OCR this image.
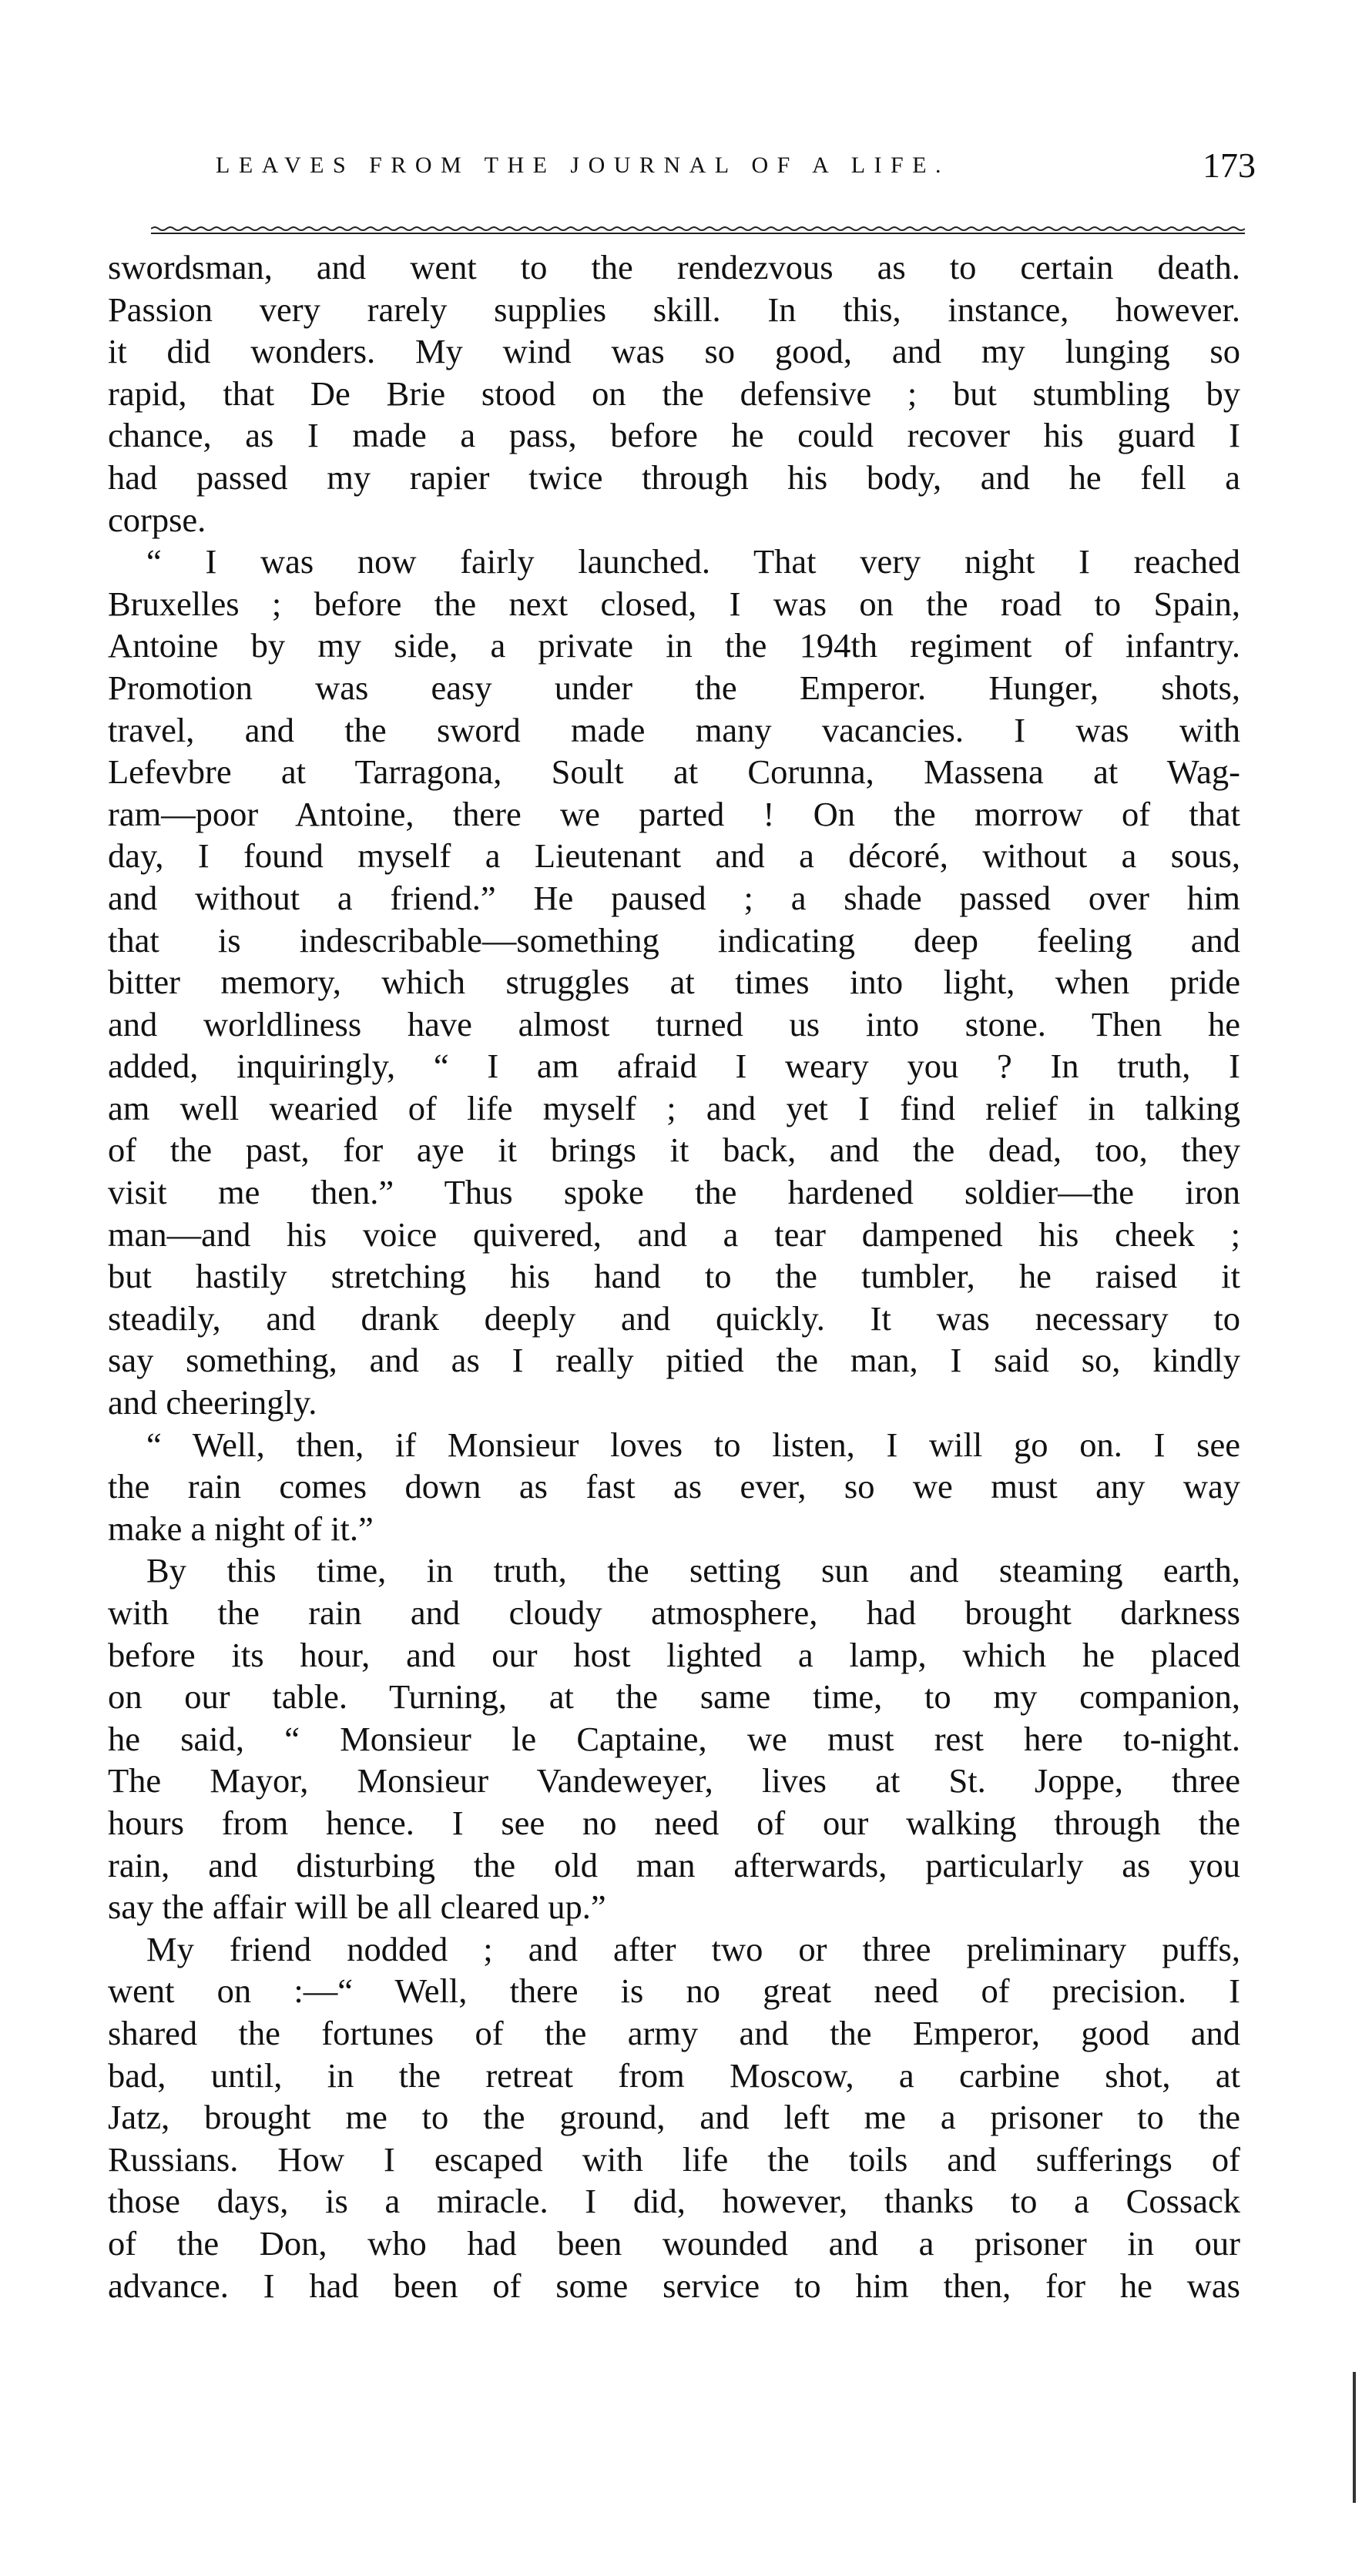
LEAVES FROM THE JOURNAL OF A LIFE.	173
swordsman, and went to the rendezvous as to certain death.
Passion very rarely supplies skill. In this, instance, however.
it did wonders. My wind was so good, and my lunging so
rapid, that De Brie stood on the defensive ; but stumbling by
chance, as I made a pass, before he could recover his guard I
had passed my rapier twice through his body, and he fell a
corpse.
“ I was now fairly launched. That very night I reached
Bruxelles ; before the next closed, I was on the road to Spain,
Antoine by my side, a private in the 194th regiment of infantry.
Promotion was easy under the Emperor. Hunger, shots,
travel, and the sword made many vacancies. I was with
Lefevbre at Tarragona, Soult at Corunna, Massena at Wag-
ram—poor Antoine, there we parted ! On the morrow of that
day, I found myself a Lieutenant and a décoré, without a sous,
and without a friend.” He paused ; a shade passed over him
that is indescribable—something indicating deep feeling and
bitter memory, which struggles at times into light, when pride
and worldliness have almost turned us into stone. Then he
added, inquiringly, “ I am afraid I weary you ? In truth, I
am well wearied of life myself ; and yet I find relief in talking
of the past, for aye it brings it back, and the dead, too, they
visit me then.” Thus spoke the hardened soldier—the iron
man—and his voice quivered, and a tear dampened his cheek ;
but hastily stretching his hand to the tumbler, he raised it
steadily, and drank deeply and quickly. It was necessary to
say something, and as I really pitied the man, I said so, kindly
and cheeringly.
“ Well, then, if Monsieur loves to listen, I will go on. I see
the rain comes down as fast as ever, so we must any way
make a night of it.”
By this time, in truth, the setting sun and steaming earth,
with the rain and cloudy atmosphere, had brought darkness
before its hour, and our host lighted a lamp, which he placed
on our table. Turning, at the same time, to my companion,
he said, “ Monsieur le Captaine, we must rest here to-night.
The Mayor, Monsieur Vandeweyer, lives at St. Joppe, three
hours from hence. I see no need of our walking through the
rain, and disturbing the old man afterwards, particularly as you
say the affair will be all cleared up.”
My friend nodded ; and after two or three preliminary puffs,
went on :—“ Well, there is no great need of precision. I
shared the fortunes of the army and the Emperor, good and
bad, until, in the retreat from Moscow, a carbine shot, at
Jatz, brought me to the ground, and left me a prisoner to the
Russians. How I escaped with life the toils and sufferings of
those days, is a miracle. I did, however, thanks to a Cossack
of the Don, who had been wounded and a prisoner in our
advance. I had been of some service to him then, for he was
